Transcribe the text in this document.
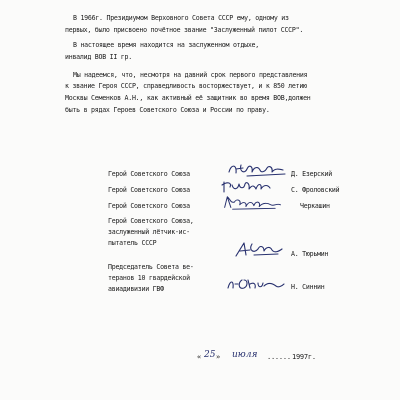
В 1966г. Президиумом Верховного Совета СССР ему, одному из
первых, было присвоено почётное звание "Заслуженный пилот СССР".
В настоящее время находится на заслуженном отдыхе,
инвалид ВОВ II гр.
Мы надеемся, что, несмотря на давний срок первого представления
к звание Героя СССР, справедливость восторжествует, и к 850 летию
Москвы Семенков А.Н., как активный её защитник во время ВОВ,должен
быть в рядах Героев Советского Союза и России по праву.
Герой Советского Союза
Герой Советского Союза
Герой Советского Союза
Герой Советского Союза,
заслуженный лётчик-ис-
пытатель СССР
Председатель Совета ве-
теранов 10 гвардейской
авиадивизии ГВФ
Д. Езерский
С. Фроловский
Черкашин
А. Тюрьмин
Н. Синнин
« 25 » июля ...... 1997г.
